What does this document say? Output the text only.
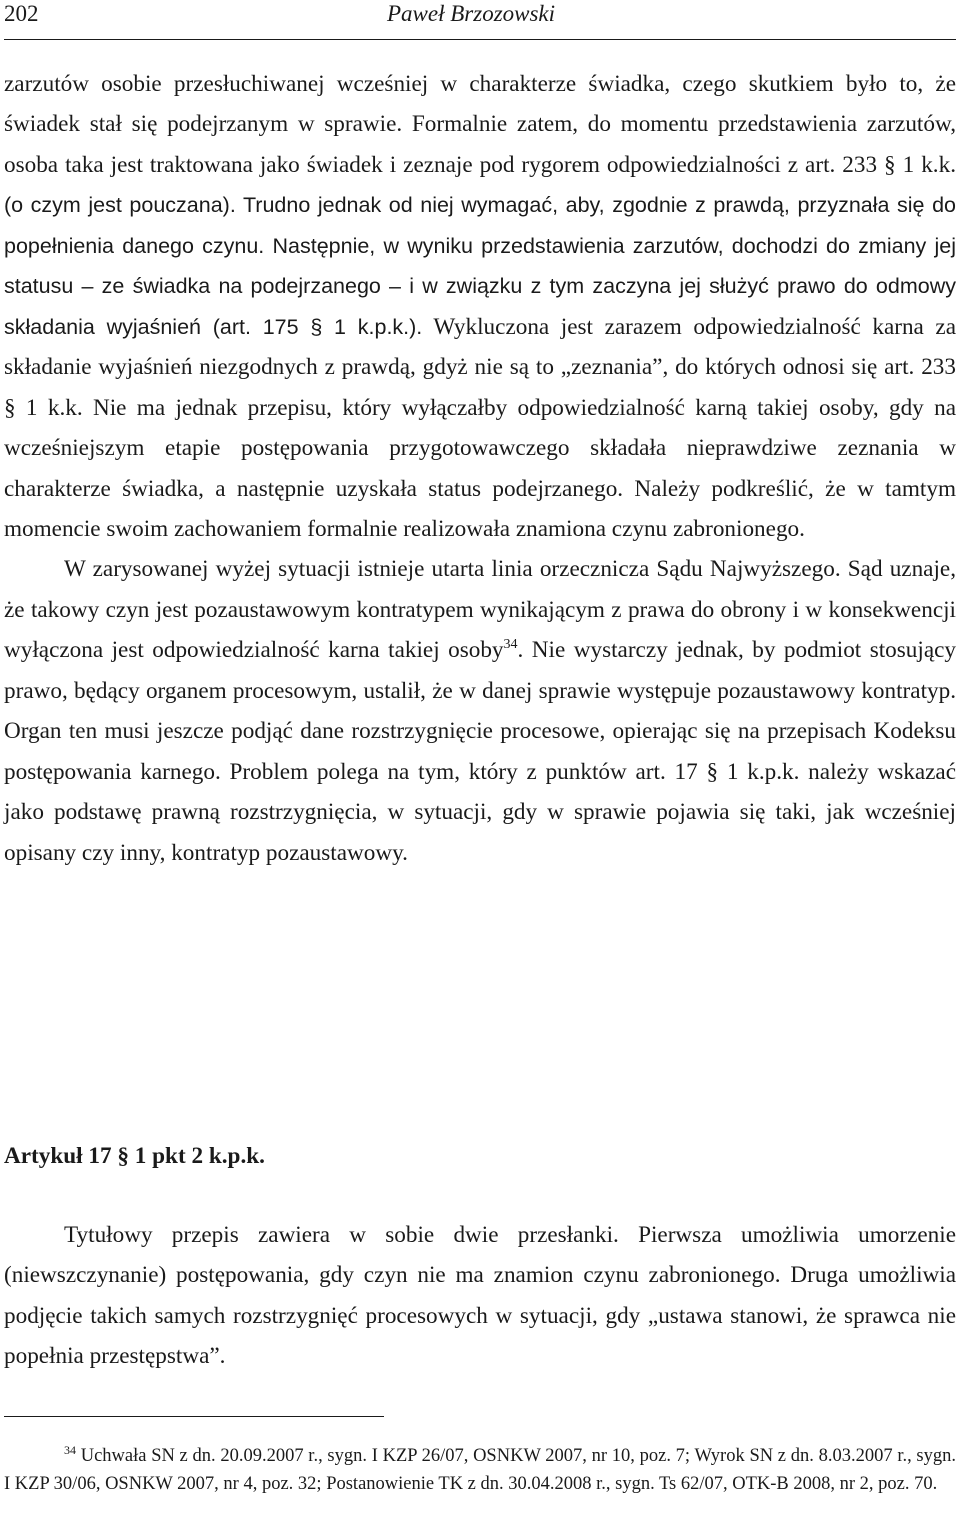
202	Paweł Brzozowski

zarzutów osobie przesłuchiwanej wcześniej w charakterze świadka, czego skutkiem było to, że świadek stał się podejrzanym w sprawie. Formalnie zatem, do momentu przedstawienia zarzutów, osoba taka jest traktowana jako świadek i zeznaje pod rygorem odpowiedzialności z art. 233 § 1 k.k. (o czym jest pouczana). Trudno jednak od niej wymagać, aby, zgodnie z prawdą, przyznała się do popełnienia danego czynu. Następnie, w wyniku przedstawienia zarzutów, dochodzi do zmiany jej statusu – ze świadka na podejrzanego – i w związku z tym zaczyna jej służyć prawo do odmowy składania wyjaśnień (art. 175 § 1 k.p.k.). Wykluczona jest zarazem odpowiedzialność karna za składanie wyjaśnień niezgodnych z prawdą, gdyż nie są to „zeznania”, do których odnosi się art. 233 § 1 k.k. Nie ma jednak przepisu, który wyłączałby odpowiedzialność karną takiej osoby, gdy na wcześniejszym etapie postępowania przygotowawczego składała nieprawdziwe zeznania w charakterze świadka, a następnie uzyskała status podejrzanego. Należy podkreślić, że w tamtym momencie swoim zachowaniem formalnie realizowała znamiona czynu zabronionego.

W zarysowanej wyżej sytuacji istnieje utarta linia orzecznicza Sądu Najwyższego. Sąd uznaje, że takowy czyn jest pozaustawowym kontratypem wynikającym z prawa do obrony i w konsekwencji wyłączona jest odpowiedzialność karna takiej osoby$^{34}$. Nie wystarczy jednak, by podmiot stosujący prawo, będący organem procesowym, ustalił, że w danej sprawie występuje pozaustawowy kontratyp. Organ ten musi jeszcze podjąć dane rozstrzygnięcie procesowe, opierając się na przepisach Kodeksu postępowania karnego. Problem polega na tym, który z punktów art. 17 § 1 k.p.k. należy wskazać jako podstawę prawną rozstrzygnięcia, w sytuacji, gdy w sprawie pojawia się taki, jak wcześniej opisany czy inny, kontratyp pozaustawowy.

Artykuł 17 § 1 pkt 2 k.p.k.

Tytułowy przepis zawiera w sobie dwie przesłanki. Pierwsza umożliwia umorzenie (niewszczynanie) postępowania, gdy czyn nie ma znamion czynu zabronionego. Druga umożliwia podjęcie takich samych rozstrzygnięć procesowych w sytuacji, gdy „ustawa stanowi, że sprawca nie popełnia przestępstwa”.

$^{34}$ Uchwała SN z dn. 20.09.2007 r., sygn. I KZP 26/07, OSNKW 2007, nr 10, poz. 7; Wyrok SN z dn. 8.03.2007 r., sygn. I KZP 30/06, OSNKW 2007, nr 4, poz. 32; Postanowienie TK z dn. 30.04.2008 r., sygn. Ts 62/07, OTK-B 2008, nr 2, poz. 70.
